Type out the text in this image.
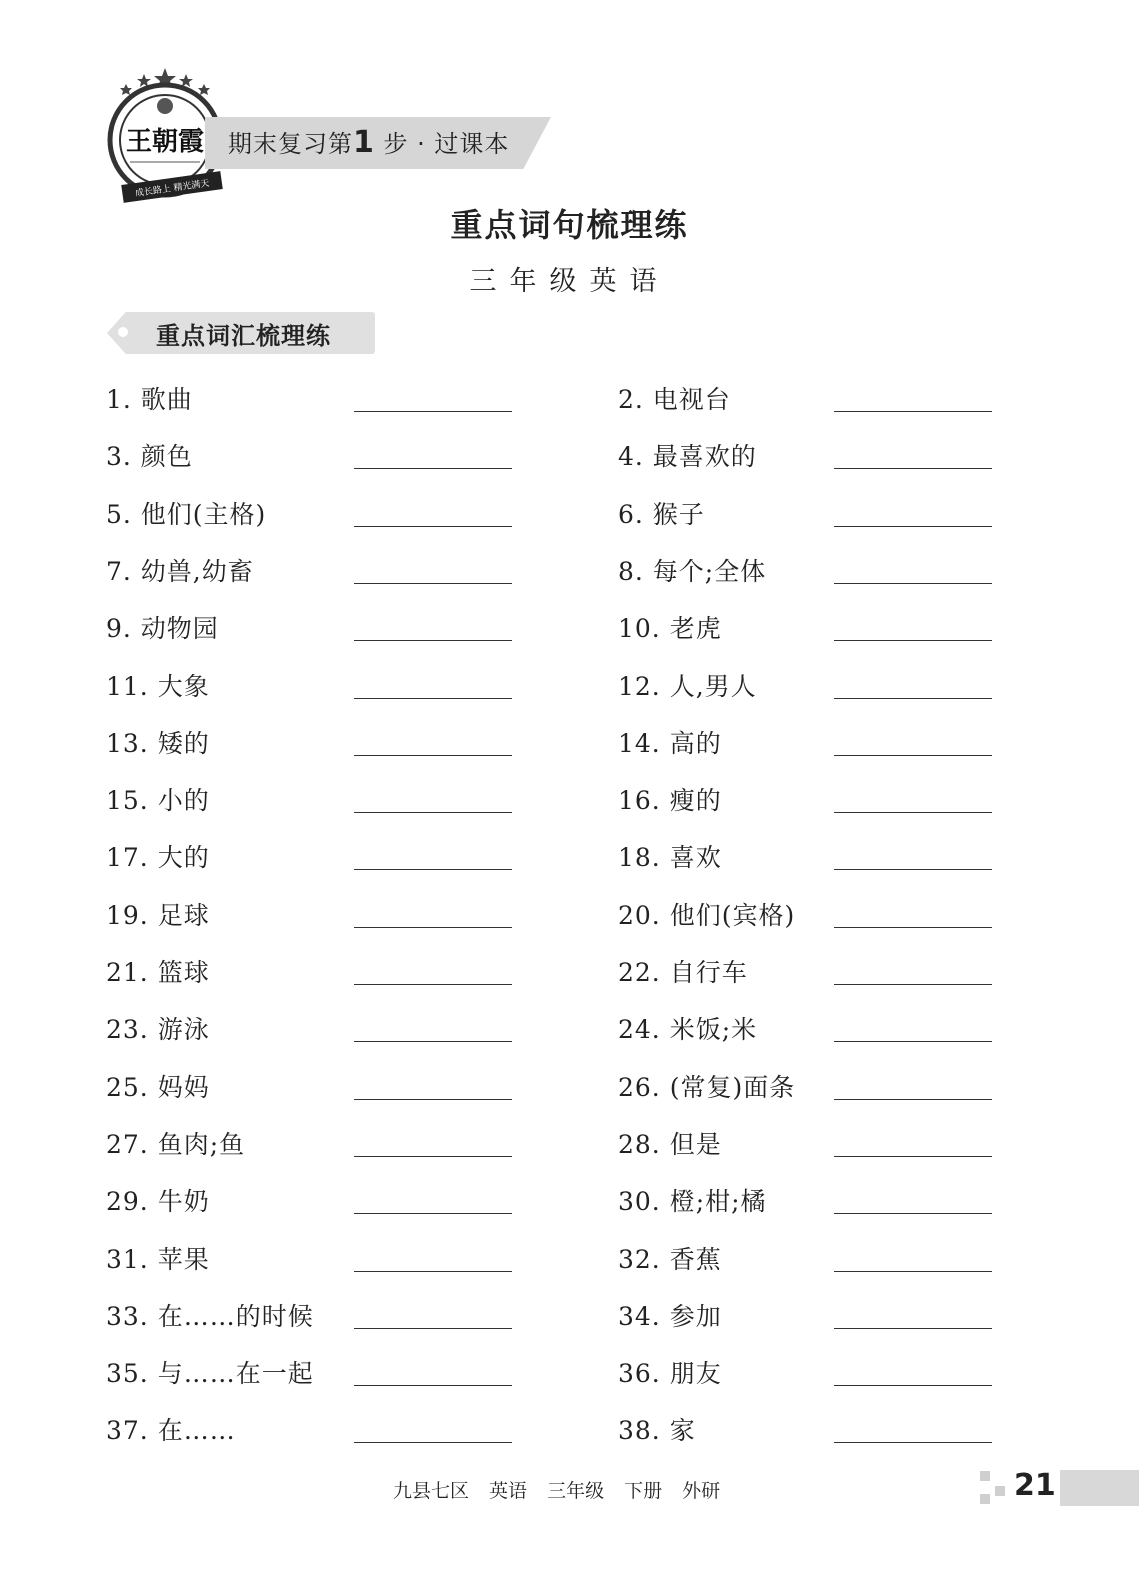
王朝霞
成长路上 精光满天
期末复习第1 步 · 过课本
重点词句梳理练
三年级英语
重点词汇梳理练
1. 歌曲	2. 电视台
3. 颜色	4. 最喜欢的
5. 他们(主格)	6. 猴子
7. 幼兽,幼畜	8. 每个;全体
9. 动物园	10. 老虎
11. 大象	12. 人,男人
13. 矮的	14. 高的
15. 小的	16. 瘦的
17. 大的	18. 喜欢
19. 足球	20. 他们(宾格)
21. 篮球	22. 自行车
23. 游泳	24. 米饭;米
25. 妈妈	26. (常复)面条
27. 鱼肉;鱼	28. 但是
29. 牛奶	30. 橙;柑;橘
31. 苹果	32. 香蕉
33. 在……的时候	34. 参加
35. 与……在一起	36. 朋友
37. 在……	38. 家
九县七区 英语 三年级 下册 外研	21
